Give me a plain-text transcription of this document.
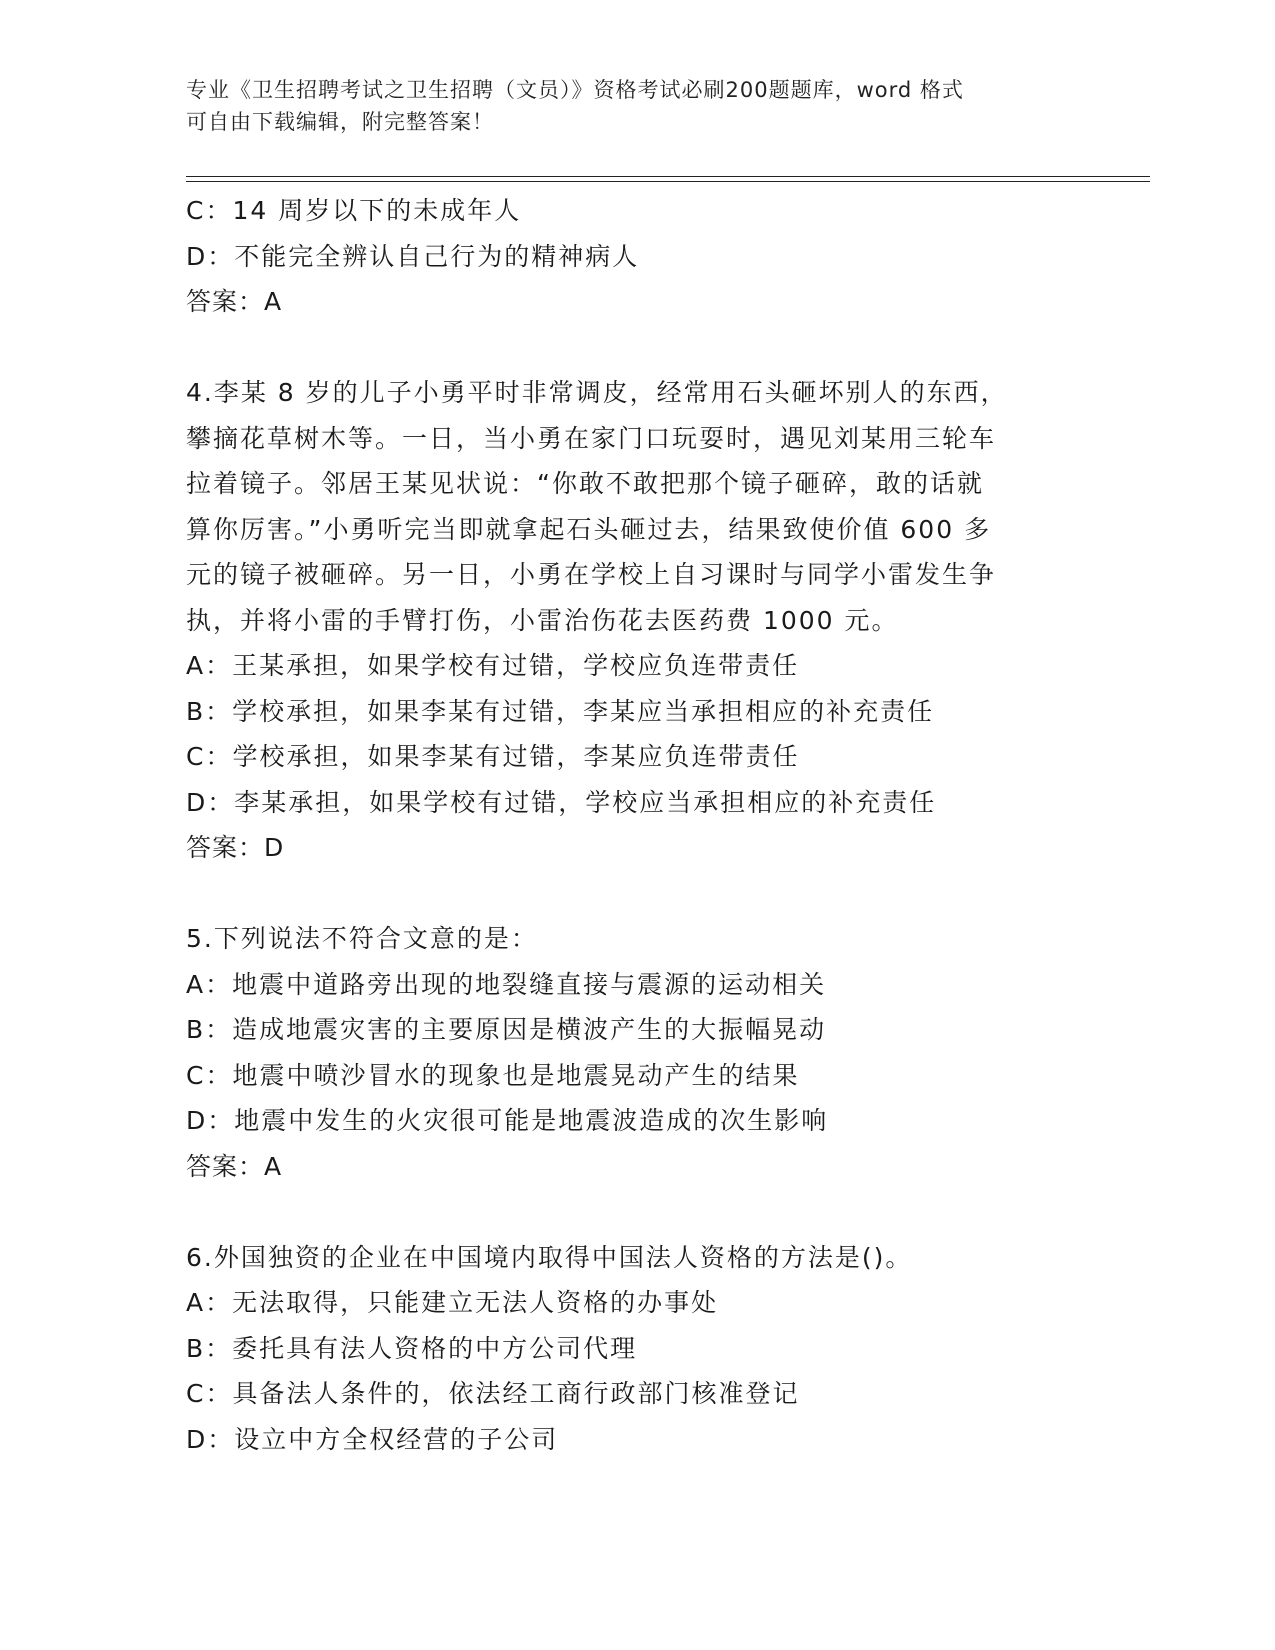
专业《卫生招聘考试之卫生招聘（文员）》资格考试必刷200题题库，word 格式
可自由下载编辑，附完整答案！
C：14 周岁以下的未成年人
D：不能完全辨认自己行为的精神病人
答案：A

4.李某 8 岁的儿子小勇平时非常调皮，经常用石头砸坏别人的东西，

攀摘花草树木等。一日，当小勇在家门口玩耍时，遇见刘某用三轮车

拉着镜子。邻居王某见状说：“你敢不敢把那个镜子砸碎，敢的话就

算你厉害。”小勇听完当即就拿起石头砸过去，结果致使价值 600 多

元的镜子被砸碎。另一日，小勇在学校上自习课时与同学小雷发生争

执，并将小雷的手臂打伤，小雷治伤花去医药费 1000 元。

A：王某承担，如果学校有过错，学校应负连带责任
B：学校承担，如果李某有过错，李某应当承担相应的补充责任
C：学校承担，如果李某有过错，李某应负连带责任
D：李某承担，如果学校有过错，学校应当承担相应的补充责任
答案：D
5.下列说法不符合文意的是：
A：地震中道路旁出现的地裂缝直接与震源的运动相关
B：造成地震灾害的主要原因是横波产生的大振幅晃动
C：地震中喷沙冒水的现象也是地震晃动产生的结果
D：地震中发生的火灾很可能是地震波造成的次生影响
答案：A
6.外国独资的企业在中国境内取得中国法人资格的方法是()。
A：无法取得，只能建立无法人资格的办事处
B：委托具有法人资格的中方公司代理
C：具备法人条件的，依法经工商行政部门核准登记
D：设立中方全权经营的子公司
